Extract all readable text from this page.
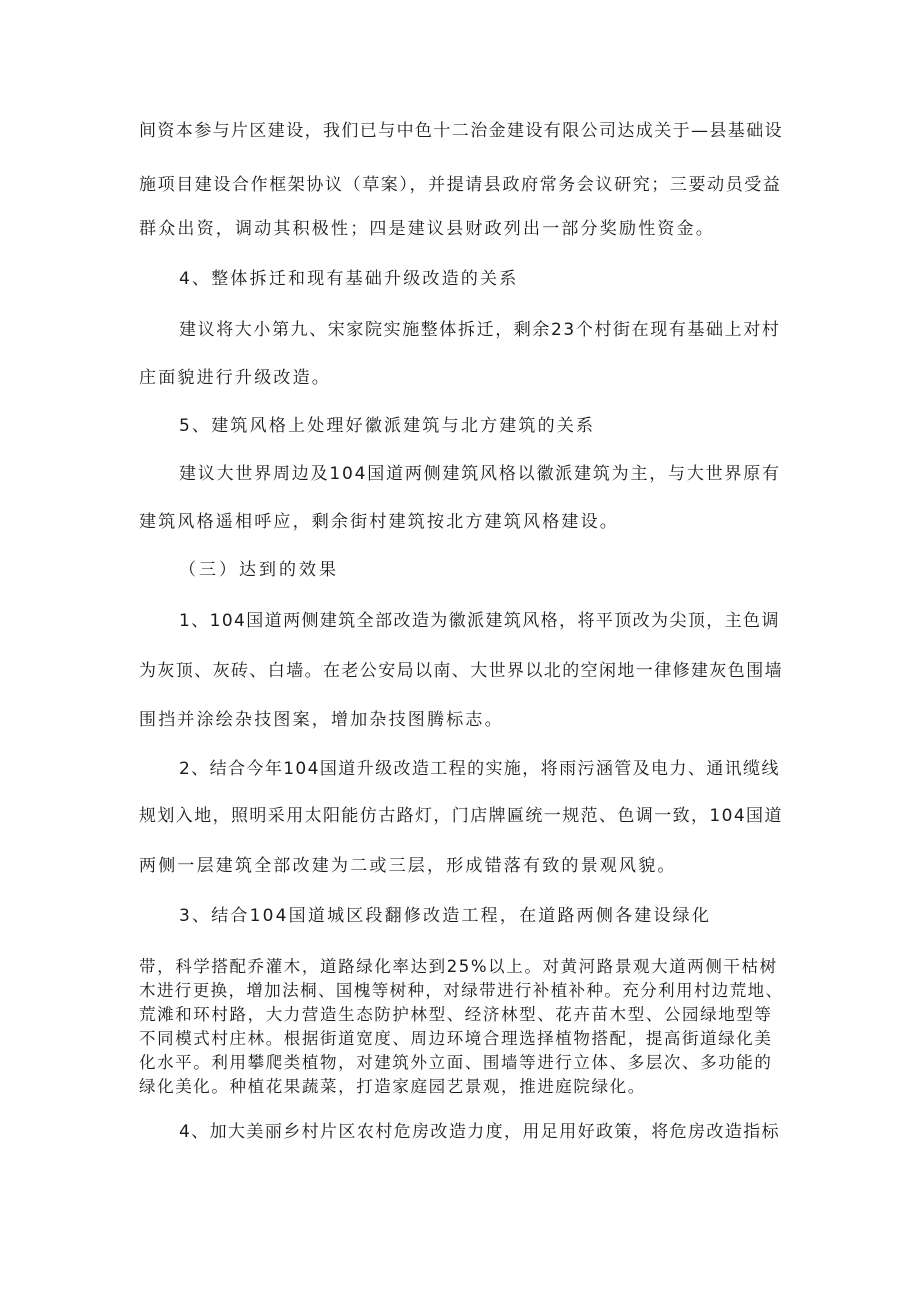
间资本参与片区建设，我们已与中色十二治金建设有限公司达成关于—县基础设
施项目建设合作框架协议（草案），并提请县政府常务会议研究；三要动员受益
群众出资，调动其积极性；四是建议县财政列出一部分奖励性资金。
4、整体拆迁和现有基础升级改造的关系
建议将大小第九、宋家院实施整体拆迁，剩余23个村街在现有基础上对村
庄面貌进行升级改造。
5、建筑风格上处理好徽派建筑与北方建筑的关系
建议大世界周边及104国道两侧建筑风格以徽派建筑为主，与大世界原有
建筑风格遥相呼应，剩余街村建筑按北方建筑风格建设。
（三）达到的效果
1、104国道两侧建筑全部改造为徽派建筑风格，将平顶改为尖顶，主色调
为灰顶、灰砖、白墙。在老公安局以南、大世界以北的空闲地一律修建灰色围墙
围挡并涂绘杂技图案，增加杂技图腾标志。
2、结合今年104国道升级改造工程的实施，将雨污涵管及电力、通讯缆线
规划入地，照明采用太阳能仿古路灯，门店牌匾统一规范、色调一致，104国道
两侧一层建筑全部改建为二或三层，形成错落有致的景观风貌。
3、结合104国道城区段翻修改造工程，在道路两侧各建设绿化
带，科学搭配乔灌木，道路绿化率达到25%以上。对黄河路景观大道两侧干枯树
木进行更换，增加法桐、国槐等树种，对绿带进行补植补种。充分利用村边荒地、
荒滩和环村路，大力营造生态防护林型、经济林型、花卉苗木型、公园绿地型等
不同模式村庄林。根据街道宽度、周边环境合理选择植物搭配，提高街道绿化美
化水平。利用攀爬类植物，对建筑外立面、围墙等进行立体、多层次、多功能的
绿化美化。种植花果蔬菜，打造家庭园艺景观，推进庭院绿化。
4、加大美丽乡村片区农村危房改造力度，用足用好政策，将危房改造指标
